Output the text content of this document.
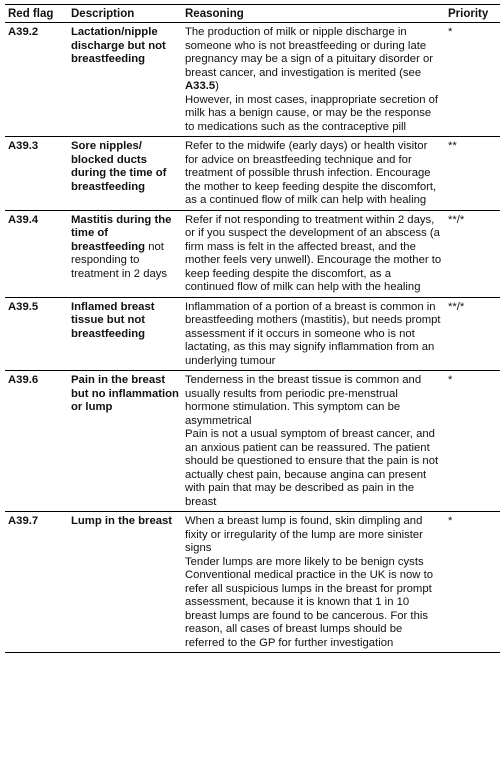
Red flag	Description	Reasoning	Priority
A39.2	Lactation/nipple discharge but not breastfeeding	The production of milk or nipple discharge in someone who is not breastfeeding or during late pregnancy may be a sign of a pituitary disorder or breast cancer, and investigation is merited (see A33.5)
However, in most cases, inappropriate secretion of milk has a benign cause, or may be the response to medications such as the contraceptive pill	*
A39.3	Sore nipples/ blocked ducts during the time of breastfeeding	Refer to the midwife (early days) or health visitor for advice on breastfeeding technique and for treatment of possible thrush infection. Encourage the mother to keep feeding despite the discomfort, as a continued flow of milk can help with healing	**
A39.4	Mastitis during the time of breastfeeding not responding to treatment in 2 days	Refer if not responding to treatment within 2 days, or if you suspect the development of an abscess (a firm mass is felt in the affected breast, and the mother feels very unwell). Encourage the mother to keep feeding despite the discomfort, as a continued flow of milk can help with the healing	**/*
A39.5	Inflamed breast tissue but not breastfeeding	Inflammation of a portion of a breast is common in breastfeeding mothers (mastitis), but needs prompt assessment if it occurs in someone who is not lactating, as this may signify inflammation from an underlying tumour	**/*
A39.6	Pain in the breast but no inflammation or lump	Tenderness in the breast tissue is common and usually results from periodic pre-menstrual hormone stimulation. This symptom can be asymmetrical
Pain is not a usual symptom of breast cancer, and an anxious patient can be reassured. The patient should be questioned to ensure that the pain is not actually chest pain, because angina can present with pain that may be described as pain in the breast	*
A39.7	Lump in the breast	When a breast lump is found, skin dimpling and fixity or irregularity of the lump are more sinister signs
Tender lumps are more likely to be benign cysts
Conventional medical practice in the UK is now to refer all suspicious lumps in the breast for prompt assessment, because it is known that 1 in 10 breast lumps are found to be cancerous. For this reason, all cases of breast lumps should be referred to the GP for further investigation	*
